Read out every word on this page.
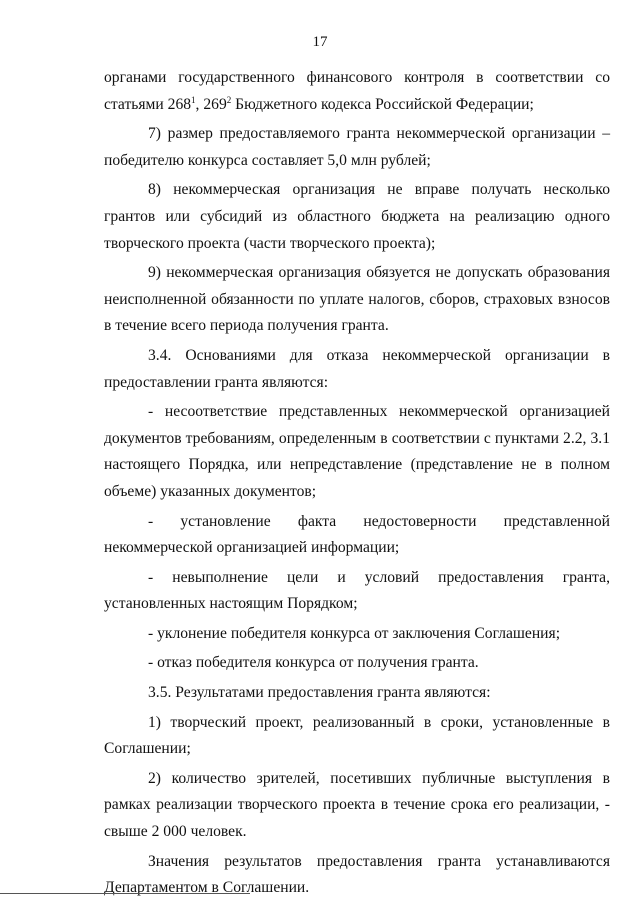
17

органами государственного финансового контроля в соответствии со статьями $268^1$, $269^2$ Бюджетного кодекса Российской Федерации;

7) размер предоставляемого гранта некоммерческой организации – победителю конкурса составляет 5,0 млн рублей;

8) некоммерческая организация не вправе получать несколько грантов или субсидий из областного бюджета на реализацию одного творческого проекта (части творческого проекта);

9) некоммерческая организация обязуется не допускать образования неисполненной обязанности по уплате налогов, сборов, страховых взносов в течение всего периода получения гранта.

3.4. Основаниями для отказа некоммерческой организации в предоставлении гранта являются:

- несоответствие представленных некоммерческой организацией документов требованиям, определенным в соответствии с пунктами 2.2, 3.1 настоящего Порядка, или непредставление (представление не в полном объеме) указанных документов;

- установление факта недостоверности представленной некоммерческой организацией информации;

- невыполнение цели и условий предоставления гранта, установленных настоящим Порядком;

- уклонение победителя конкурса от заключения Соглашения;

- отказ победителя конкурса от получения гранта.

3.5. Результатами предоставления гранта являются:

1) творческий проект, реализованный в сроки, установленные в Соглашении;

2) количество зрителей, посетивших публичные выступления в рамках реализации творческого проекта в течение срока его реализации, - свыше 2 000 человек.

Значения результатов предоставления гранта устанавливаются Департаментом в Соглашении.
